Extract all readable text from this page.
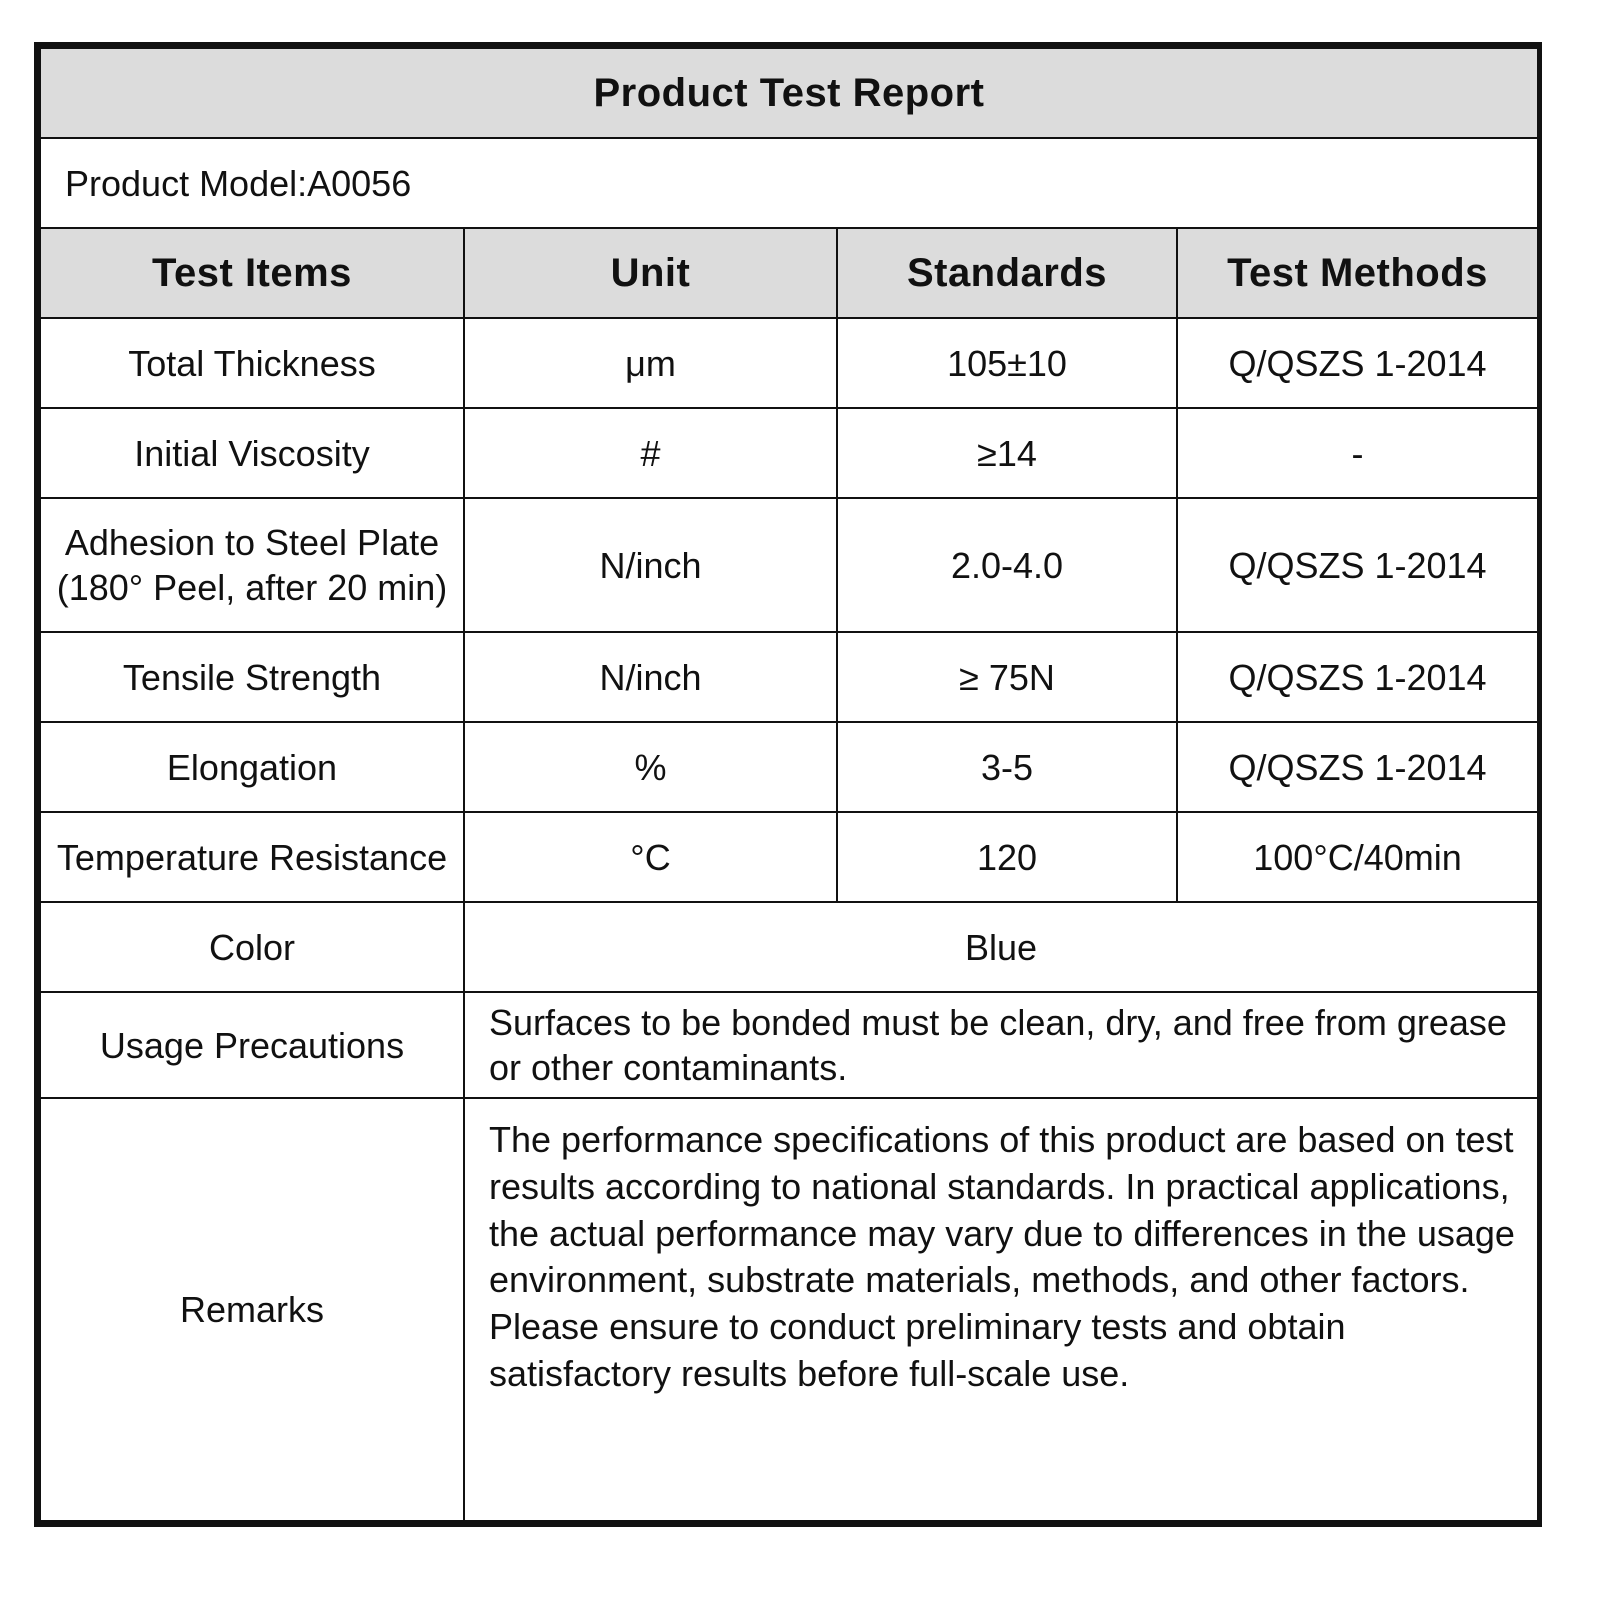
Product Test Report			
Product Model:A0056			
Test Items	Unit	Standards	Test Methods
Total Thickness	μm	105±10	Q/QSZS 1-2014
Initial Viscosity	#	≥14	-

Adhesion to Steel Plate
(180° Peel, after 20 min)	N/inch	2.0-4.0	Q/QSZS 1-2014
Tensile Strength	N/inch	≥ 75N	Q/QSZS 1-2014
Elongation	%	3-5	Q/QSZS 1-2014
Temperature Resistance	°C	120	100°C/40min
Color	Blue		
Usage Precautions	Surfaces to be bonded must be clean, dry, and free from grease or other contaminants.		
Remarks	The performance specifications of this product are based on test results according to national standards. In practical applications, the actual performance may vary due to differences in the usage environment, substrate materials, methods, and other factors. Please ensure to conduct preliminary tests and obtain satisfactory results before full-scale use.		
